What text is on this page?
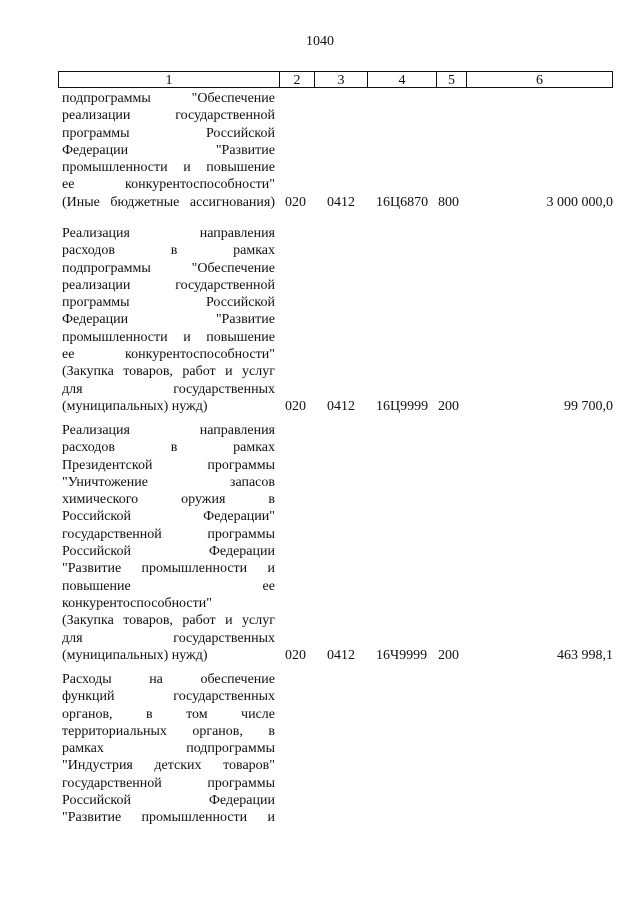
1040
1	2	3	4	5	6
подпрограммы "Обеспечение
реализации государственной
программы Российской
Федерации "Развитие
промышленности и повышение
ее конкурентоспособности"
(Иные бюджетные ассигнования) 020 0412 16Ц6870 800	3 000 000,0
Реализация направления
расходов в рамках
подпрограммы "Обеспечение
реализации государственной
программы Российской
Федерации "Развитие
промышленности и повышение
ее конкурентоспособности"
(Закупка товаров, работ и услуг
для государственных
(муниципальных) нужд)	020 0412 16Ц9999 200	99 700,0
Реализация направления
расходов в рамках
Президентской программы
"Уничтожение запасов
химического оружия в
Российской Федерации"
государственной программы
Российской Федерации
"Развитие промышленности и
повышение ее
конкурентоспособности"
(Закупка товаров, работ и услуг
для государственных
(муниципальных) нужд)	020 0412 16Ч9999 200	463 998,1
Расходы на обеспечение
функций государственных
органов, в том числе
территориальных органов, в
рамках подпрограммы
"Индустрия детских товаров"
государственной программы
Российской Федерации
"Развитие промышленности и
